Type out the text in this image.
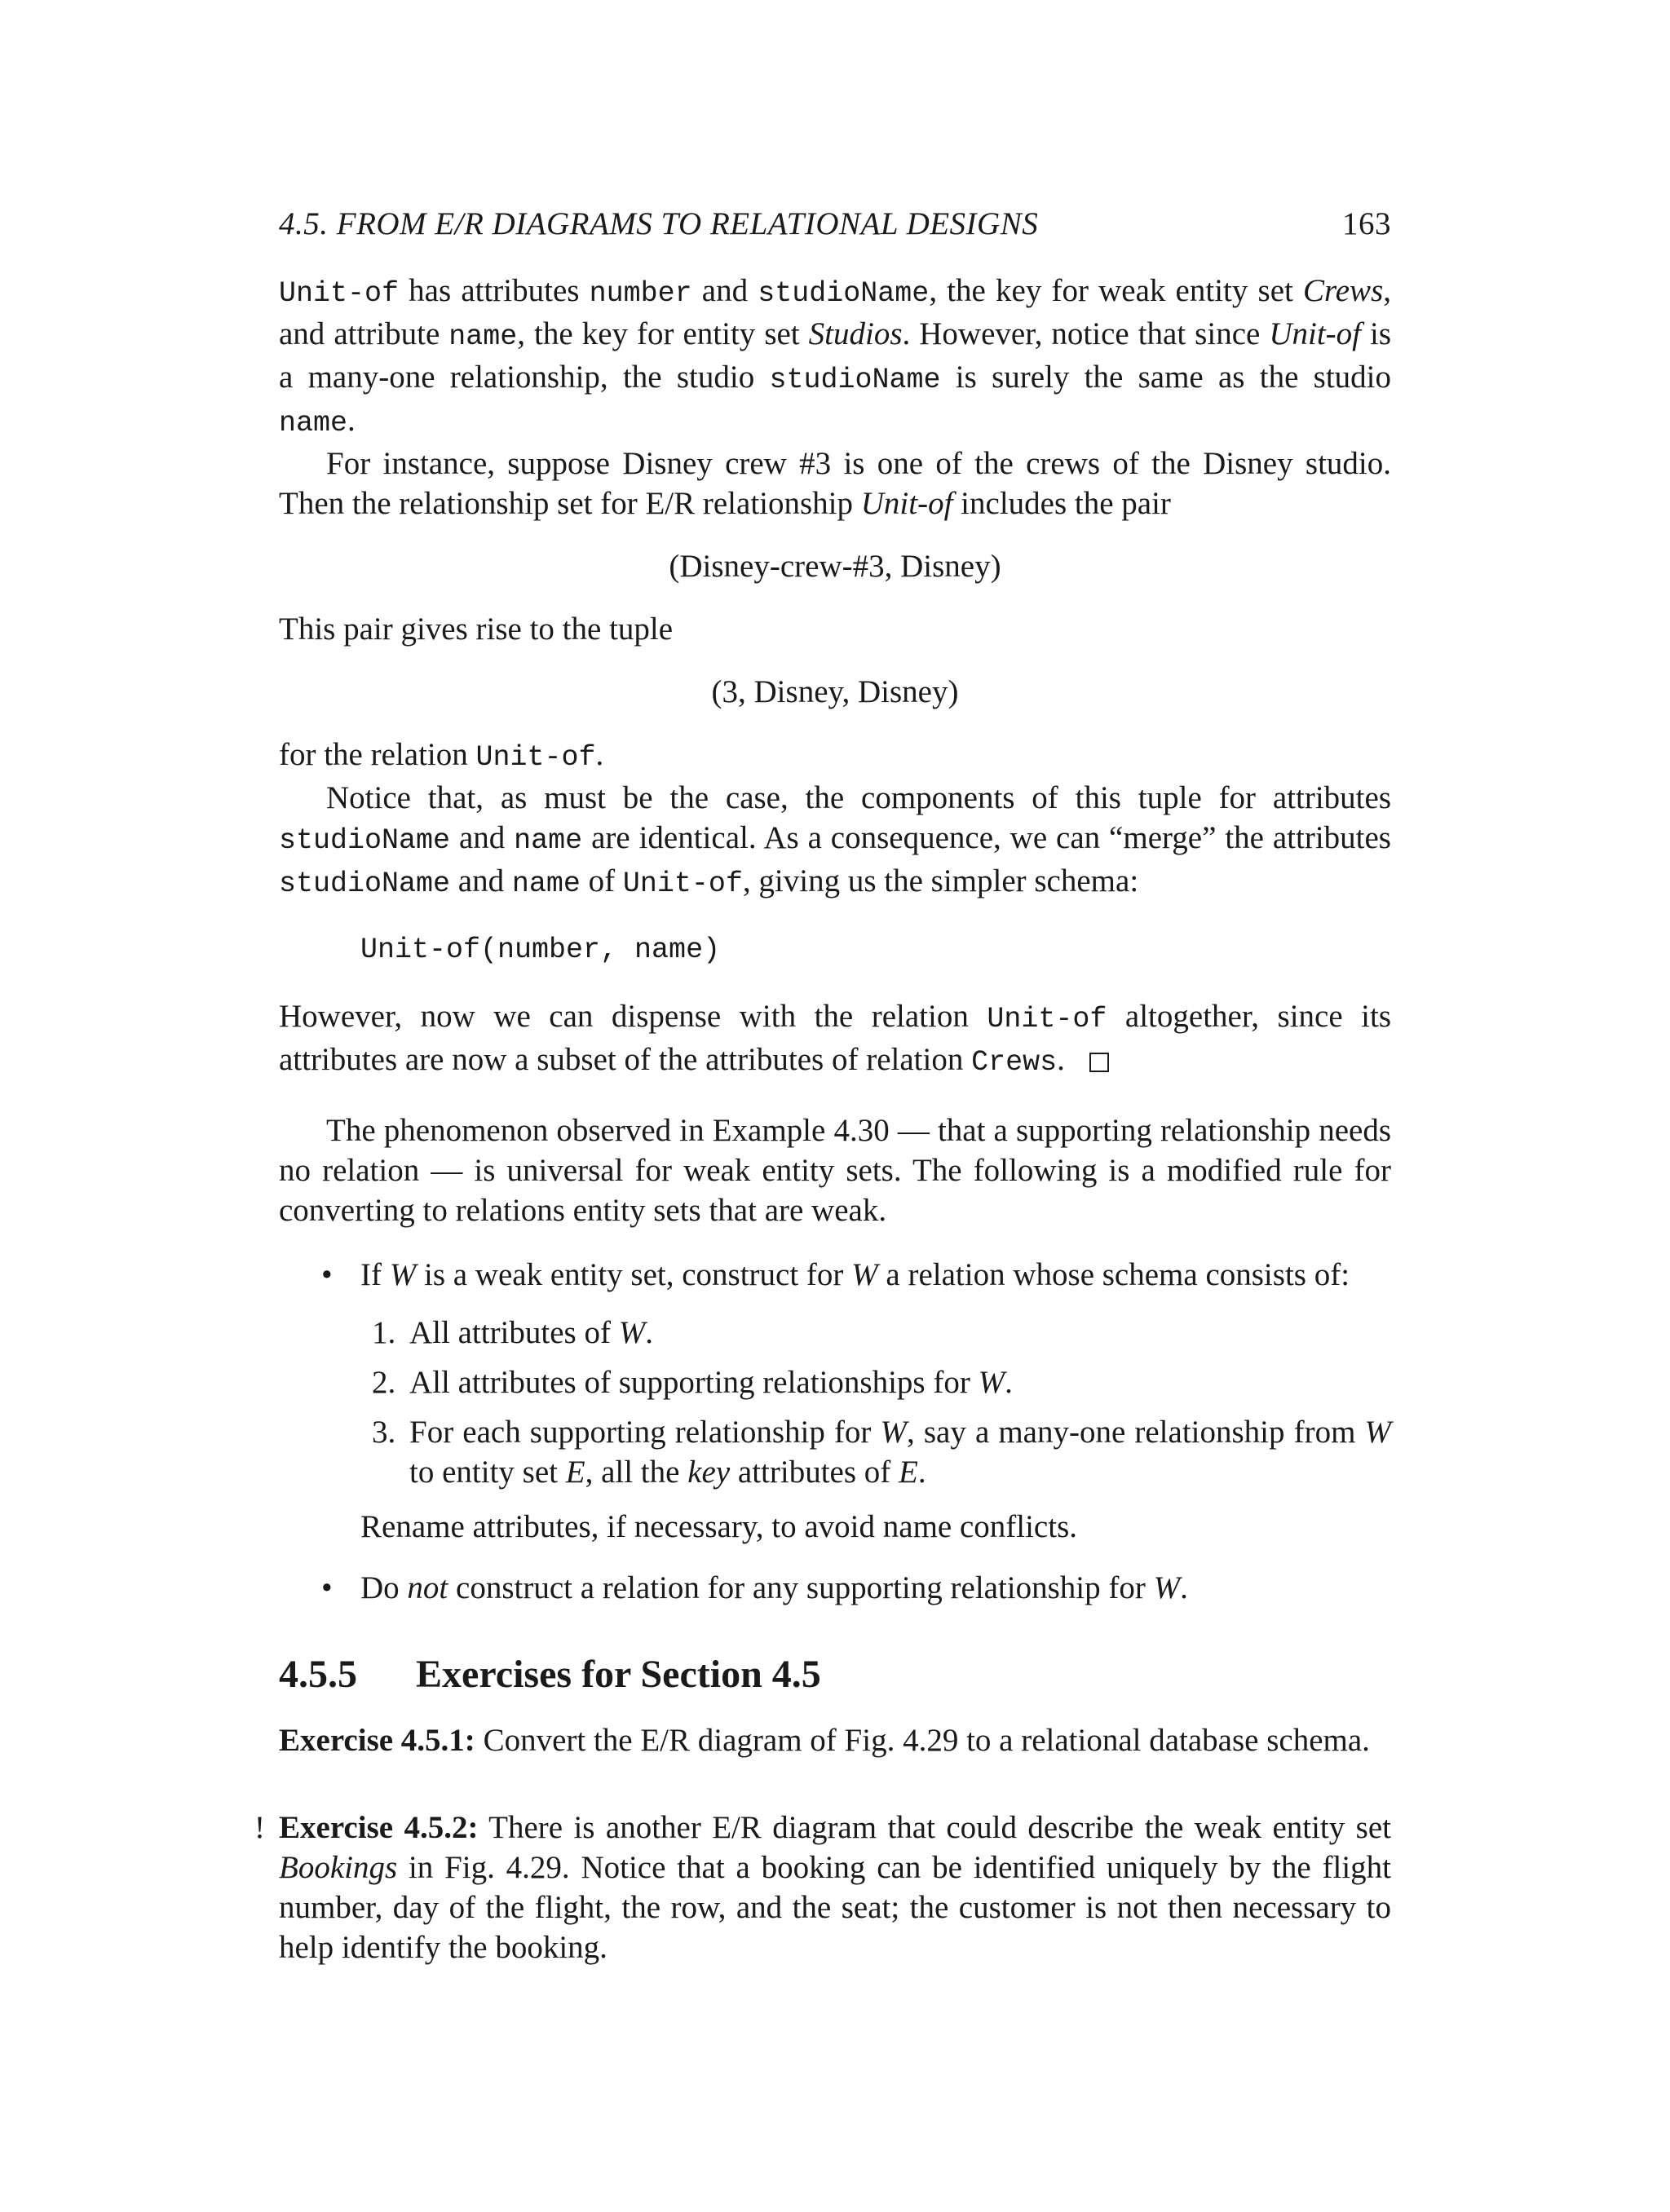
4.5. FROM E/R DIAGRAMS TO RELATIONAL DESIGNS	163

Unit-of has attributes number and studioName, the key for weak entity set Crews, and attribute name, the key for entity set Studios. However, notice that since Unit-of is a many-one relationship, the studio studioName is surely the same as the studio name.

For instance, suppose Disney crew #3 is one of the crews of the Disney studio. Then the relationship set for E/R relationship Unit-of includes the pair

(Disney-crew-#3, Disney)

This pair gives rise to the tuple

(3, Disney, Disney)

for the relation Unit-of.

Notice that, as must be the case, the components of this tuple for attributes studioName and name are identical. As a consequence, we can “merge” the attributes studioName and name of Unit-of, giving us the simpler schema:

Unit-of(number, name)

However, now we can dispense with the relation Unit-of altogether, since its attributes are now a subset of the attributes of relation Crews.

The phenomenon observed in Example 4.30 — that a supporting relationship needs no relation — is universal for weak entity sets. The following is a modified rule for converting to relations entity sets that are weak.

• If W is a weak entity set, construct for W a relation whose schema consists of:
1. All attributes of W.
2. All attributes of supporting relationships for W.
3. For each supporting relationship for W, say a many-one relationship from W to entity set E, all the key attributes of E.

Rename attributes, if necessary, to avoid name conflicts.

• Do not construct a relation for any supporting relationship for W.
4.5.5 Exercises for Section 4.5

Exercise 4.5.1: Convert the E/R diagram of Fig. 4.29 to a relational database schema.

! Exercise 4.5.2: There is another E/R diagram that could describe the weak entity set Bookings in Fig. 4.29. Notice that a booking can be identified uniquely by the flight number, day of the flight, the row, and the seat; the customer is not then necessary to help identify the booking.
